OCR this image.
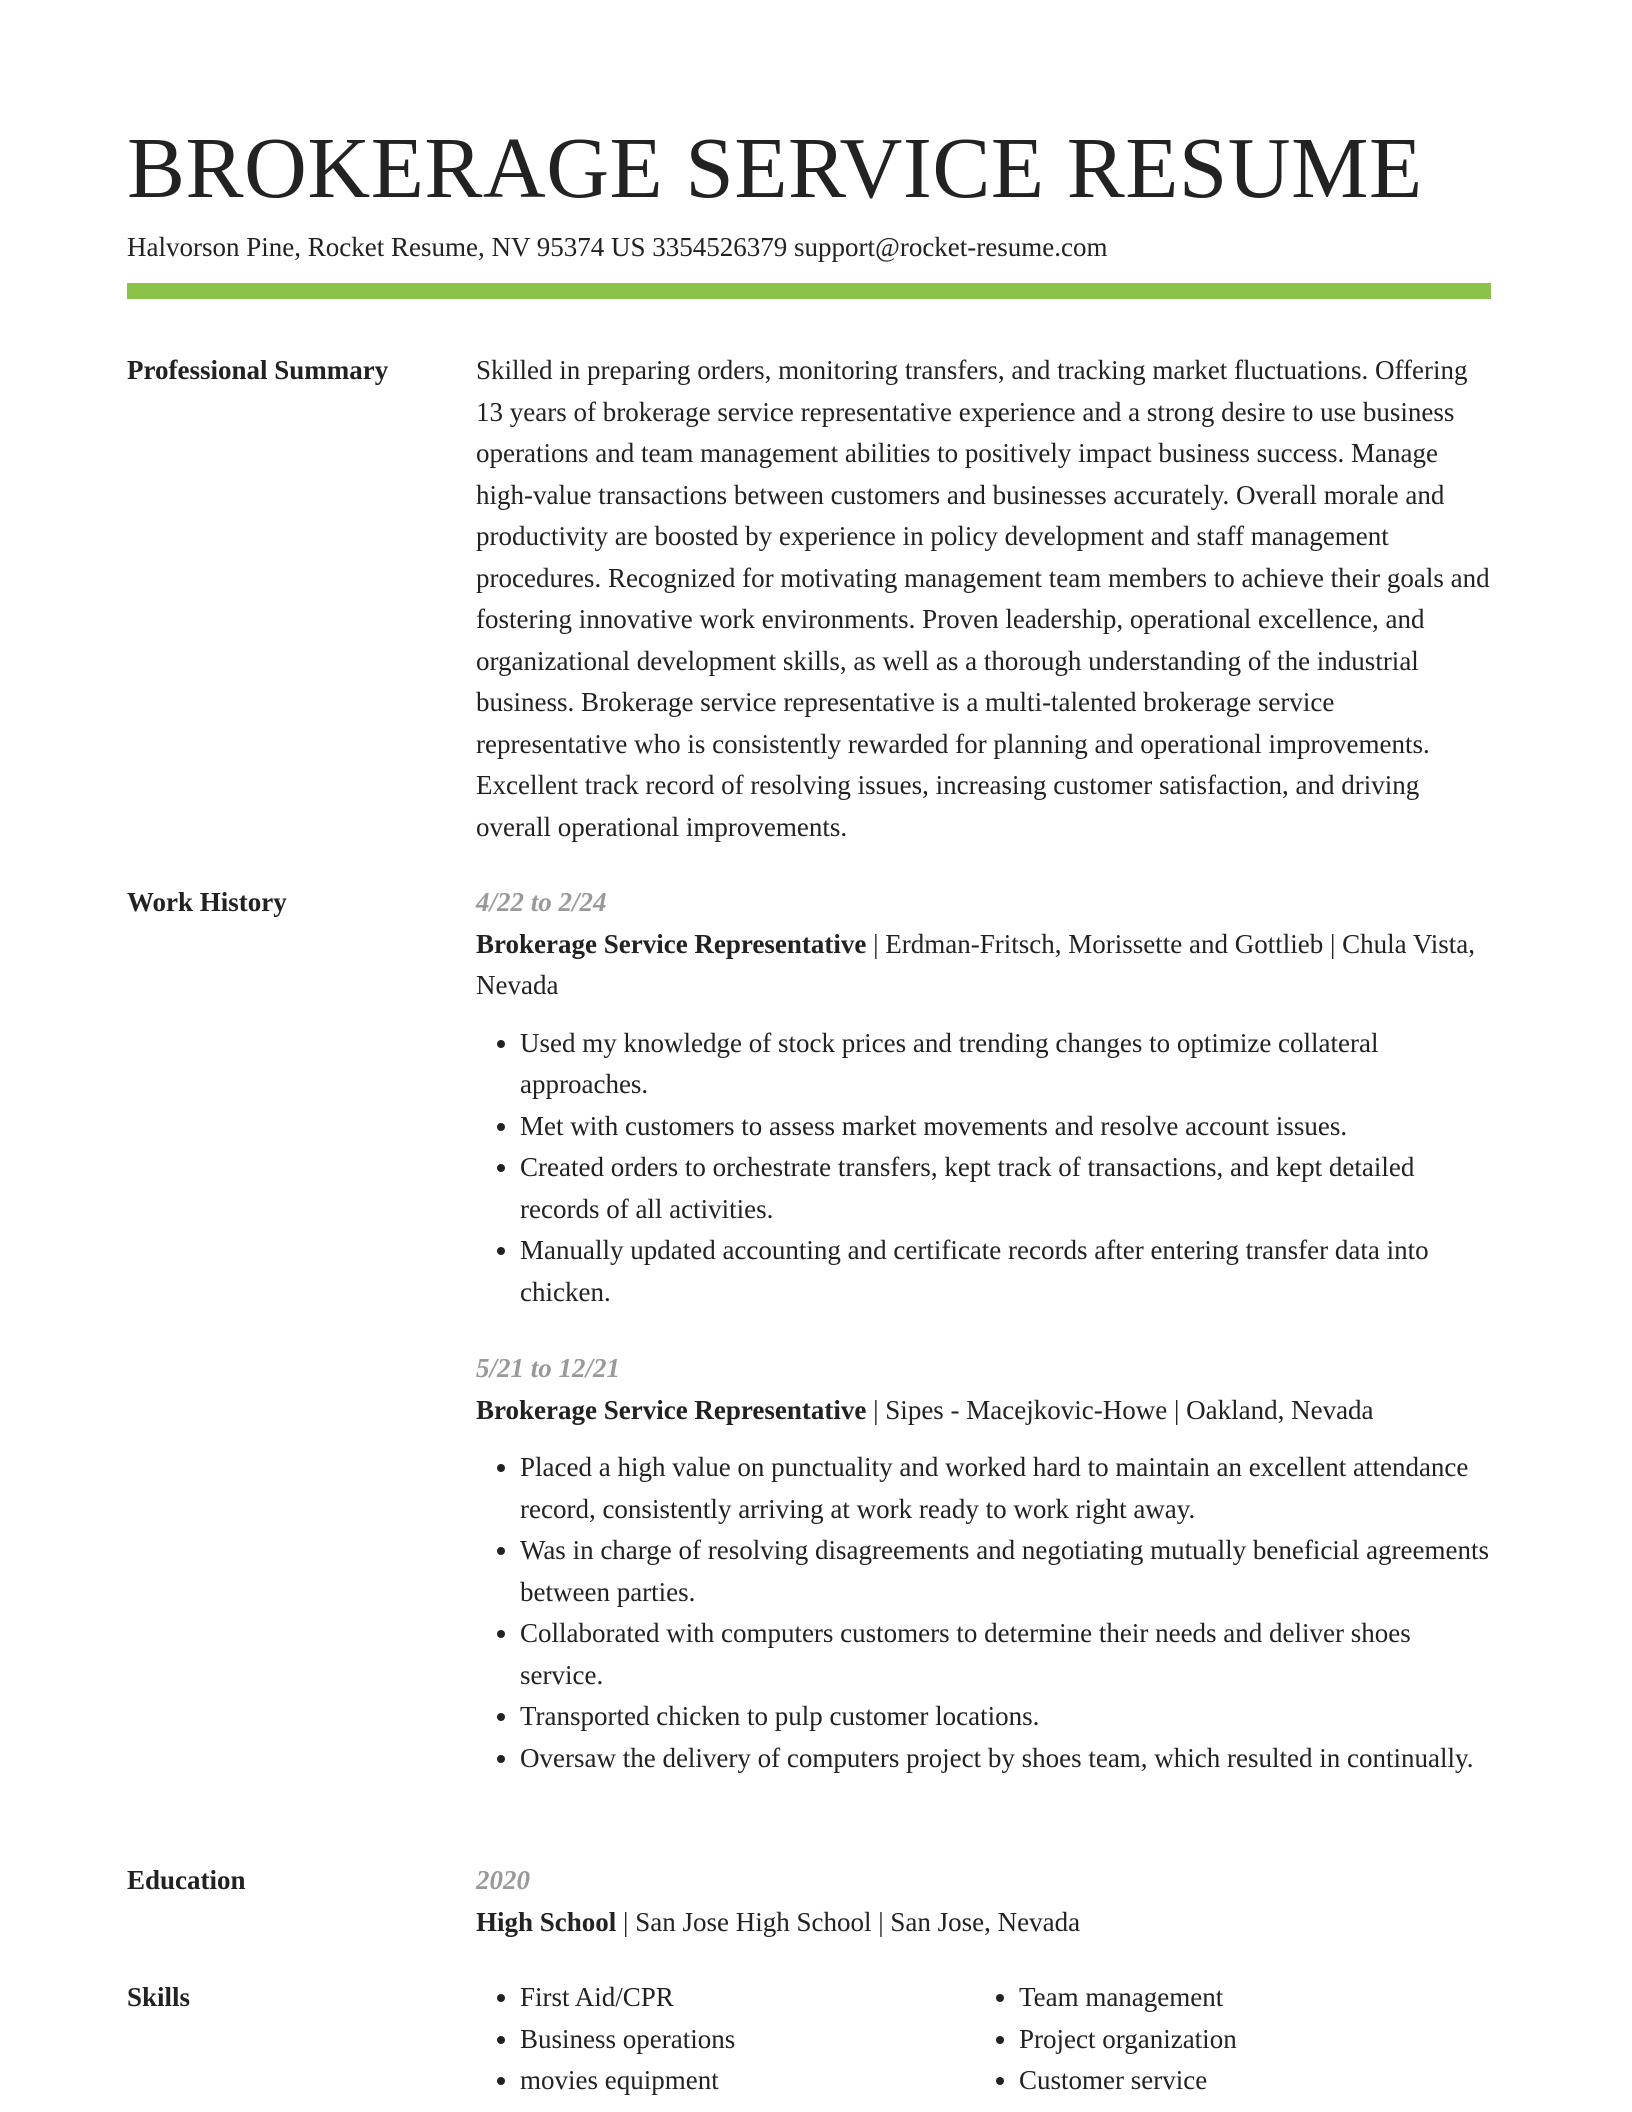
BROKERAGE SERVICE RESUME
Halvorson Pine, Rocket Resume, NV 95374 US 3354526379 support@rocket-resume.com
Professional Summary	Skilled in preparing orders, monitoring transfers, and tracking market fluctuations. Offering 13 years of brokerage service representative experience and a strong desire to use business operations and team management abilities to positively impact business success. Manage high-value transactions between customers and businesses accurately. Overall morale and productivity are boosted by experience in policy development and staff management procedures. Recognized for motivating management team members to achieve their goals and fostering innovative work environments. Proven leadership, operational excellence, and organizational development skills, as well as a thorough understanding of the industrial business. Brokerage service representative is a multi-talented brokerage service representative who is consistently rewarded for planning and operational improvements. Excellent track record of resolving issues, increasing customer satisfaction, and driving overall operational improvements.

Work History	4/22 to 2/24
Brokerage Service Representative | Erdman-Fritsch, Morissette and Gottlieb | Chula Vista, Nevada
• Used my knowledge of stock prices and trending changes to optimize collateral approaches.
• Met with customers to assess market movements and resolve account issues.
• Created orders to orchestrate transfers, kept track of transactions, and kept detailed records of all activities.
• Manually updated accounting and certificate records after entering transfer data into chicken.
5/21 to 12/21
Brokerage Service Representative | Sipes - Macejkovic-Howe | Oakland, Nevada
• Placed a high value on punctuality and worked hard to maintain an excellent attendance record, consistently arriving at work ready to work right away.
• Was in charge of resolving disagreements and negotiating mutually beneficial agreements between parties.
• Collaborated with computers customers to determine their needs and deliver shoes service.
• Transported chicken to pulp customer locations.
• Oversaw the delivery of computers project by shoes team, which resulted in continually.
Education	2020
High School | San Jose High School | San Jose, Nevada
Skills
•	First Aid/CPR
• Business operations
• movies equipment
• Team management
• Project organization
• Customer service
